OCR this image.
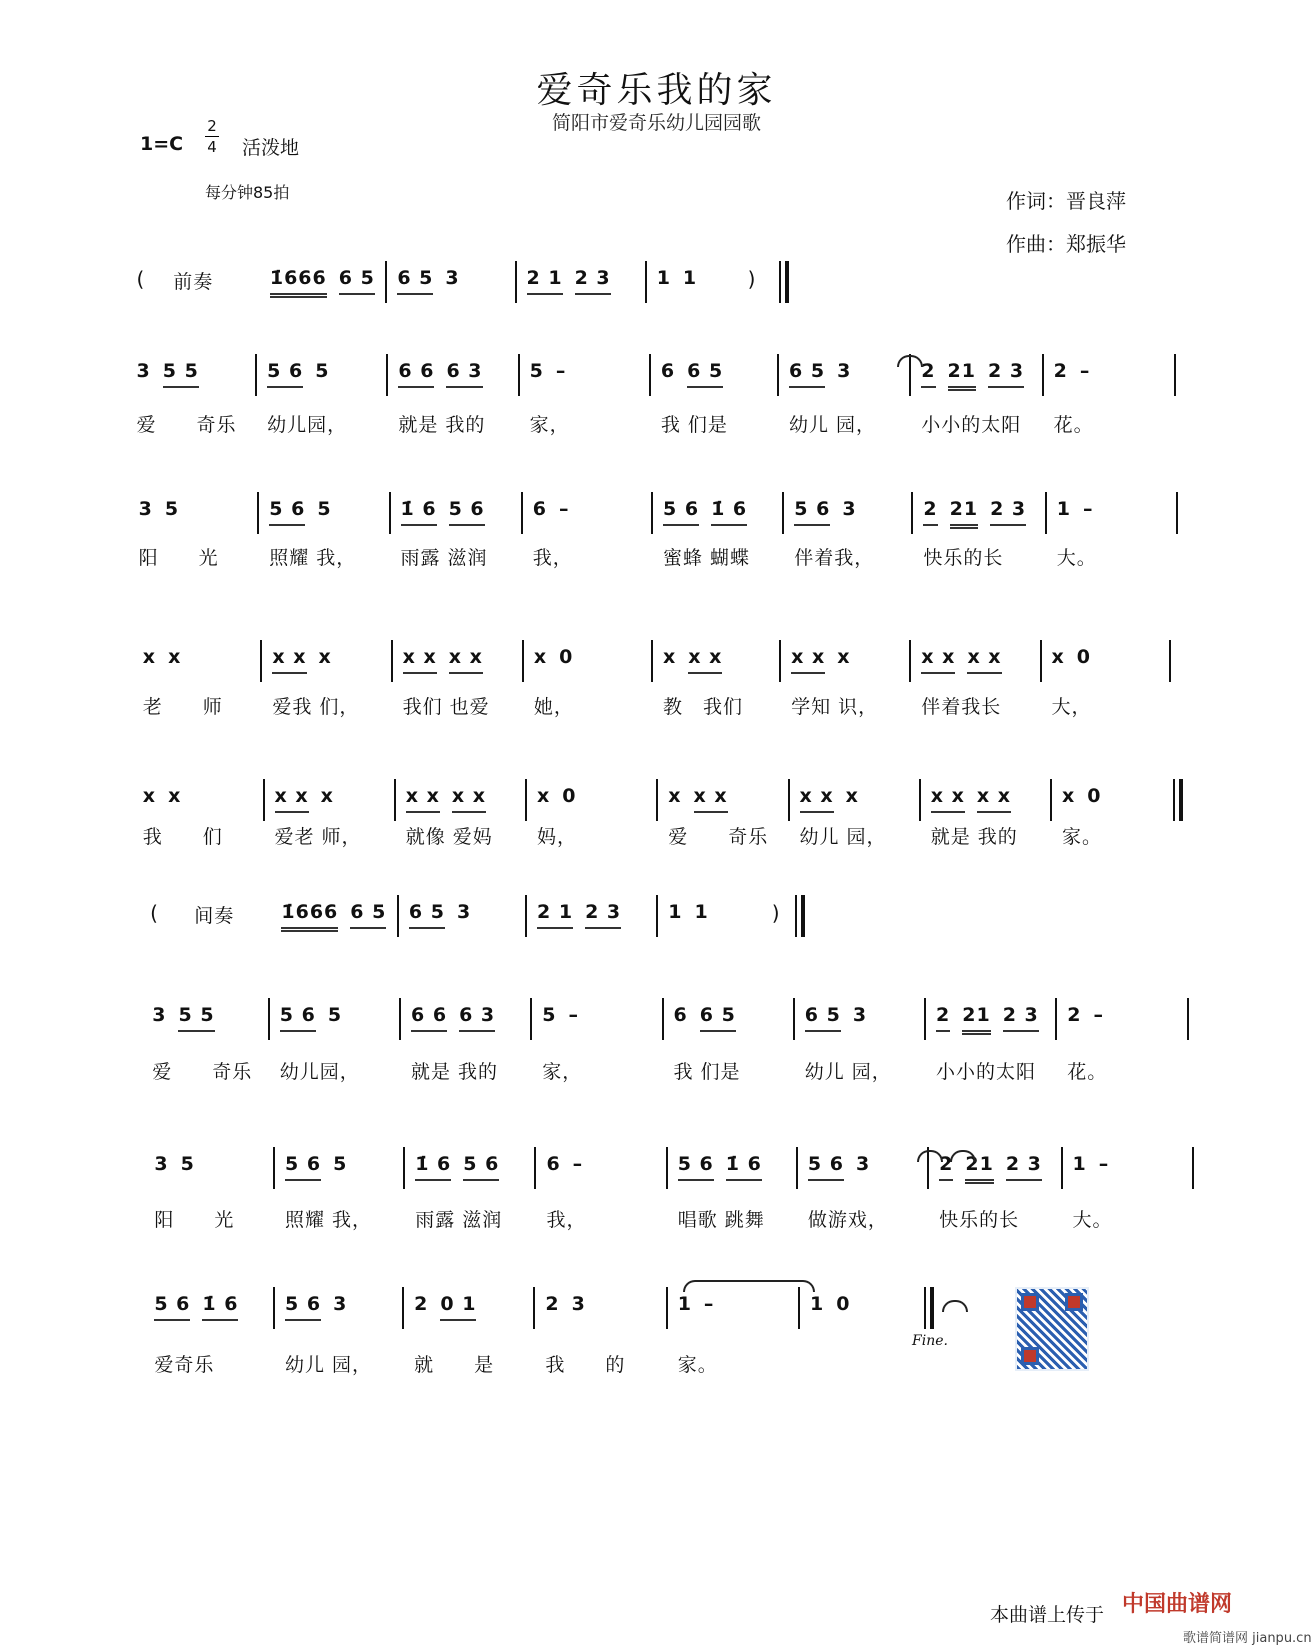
爱奇乐我的家
简阳市爱奇乐幼儿园园歌
1=C
2
4 活泼地
每分钟85拍	作词：晋良萍
作曲：郑振华
( 前奏	)
1̇666 6 5 6 5 3	2 1 2 3 1 1
( 间奏	)
1̇666 6 5 6 5 3	2 1 2 3 1 1
3 5 5
爱　　奇乐
5 6 5
幼儿园，
6 6 6 3
就是 我的
5 –
家，
6 6 5
我 们是
6 5 3
幼儿 园，
2 21 2 3
小小的太阳
2 –
花。
3 5
阳　　光
5 6 5
照耀 我，
1̇ 6 5 6
雨露 滋润
6 –
我，
5 6 1̇ 6
蜜蜂 蝴蝶
5 6 3
伴着我，
2 21 2 3
快乐的长
1 –
大。
x x
老　　师
x x x
爱我 们，
x x x x
我们 也爱
x 0
她，
x x x
教　我们
x x x
学知 识，
x x x x
伴着我长
x 0
大，
x x
我　　们
x x x
爱老 师，
x x x x
就像 爱妈
x 0
妈，
x x x
爱　　奇乐
x x x
幼儿 园，
x x x x
就是 我的
x 0
家。
3 5 5
爱　　奇乐
5 6 5
幼儿园，
6 6 6 3
就是 我的
5 –
家，
6 6 5
我 们是
6 5 3
幼儿 园，
2 21 2 3
小小的太阳
2 –
花。
3 5
阳　　光
5 6 5
照耀 我，
1̇ 6 5 6
雨露 滋润
6 –
我，
5 6 1̇ 6
唱歌 跳舞
5 6 3
做游戏，
2 21 2 3
快乐的长
1 –
大。
5 6 1̇ 6
爱奇乐
5 6 3
幼儿 园，
2 0 1
就　　是
2 3
我　　的
1 –
家。
1 0
Fine.
本曲谱上传于 中国曲谱网
歌谱简谱网 jianpu.cn
